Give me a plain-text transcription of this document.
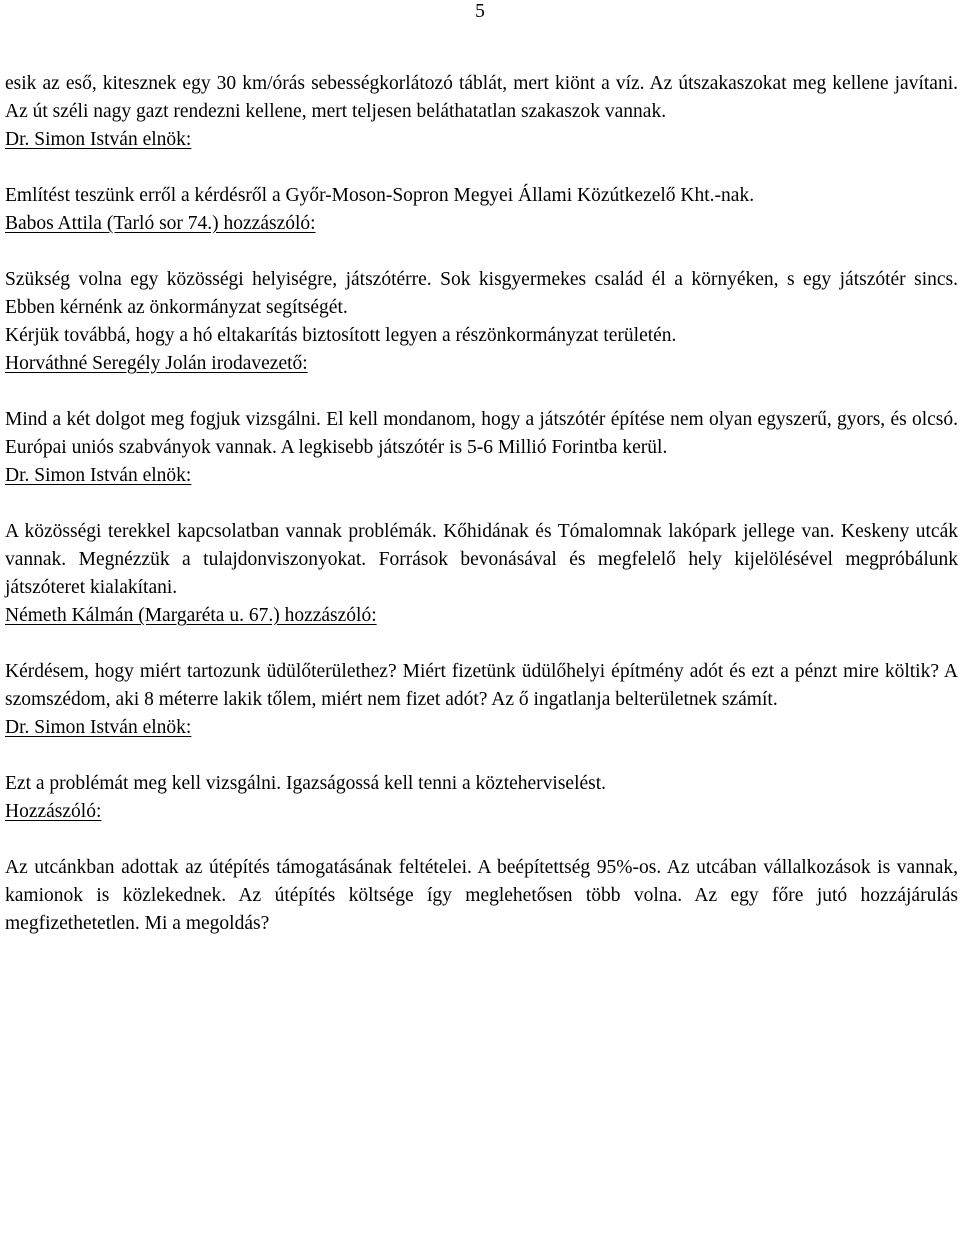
5

esik az eső, kitesznek egy 30 km/órás sebességkorlátozó táblát, mert kiönt a víz. Az útszakaszokat meg kellene javítani. Az út széli nagy gazt rendezni kellene, mert teljesen beláthatatlan szakaszok vannak.

Dr. Simon István elnök:

Említést teszünk erről a kérdésről a Győr-Moson-Sopron Megyei Állami Közútkezelő Kht.-nak.

Babos Attila (Tarló sor 74.) hozzászóló:

Szükség volna egy közösségi helyiségre, játszótérre. Sok kisgyermekes család él a környéken, s egy játszótér sincs. Ebben kérnénk az önkormányzat segítségét.

Kérjük továbbá, hogy a hó eltakarítás biztosított legyen a részönkormányzat területén.

Horváthné Seregély Jolán irodavezető:

Mind a két dolgot meg fogjuk vizsgálni. El kell mondanom, hogy a játszótér építése nem olyan egyszerű, gyors, és olcsó. Európai uniós szabványok vannak. A legkisebb játszótér is 5-6 Millió Forintba kerül.

Dr. Simon István elnök:

A közösségi terekkel kapcsolatban vannak problémák. Kőhidának és Tómalomnak lakópark jellege van. Keskeny utcák vannak. Megnézzük a tulajdonviszonyokat. Források bevonásával és megfelelő hely kijelölésével megpróbálunk játszóteret kialakítani.

Németh Kálmán (Margaréta u. 67.) hozzászóló:

Kérdésem, hogy miért tartozunk üdülőterülethez? Miért fizetünk üdülőhelyi építmény adót és ezt a pénzt mire költik? A szomszédom, aki 8 méterre lakik tőlem, miért nem fizet adót? Az ő ingatlanja belterületnek számít.

Dr. Simon István elnök:

Ezt a problémát meg kell vizsgálni. Igazságossá kell tenni a közteherviselést.

Hozzászóló:

Az utcánkban adottak az útépítés támogatásának feltételei. A beépítettség 95%-os. Az utcában vállalkozások is vannak, kamionok is közlekednek. Az útépítés költsége így meglehetősen több volna. Az egy főre jutó hozzájárulás megfizethetetlen. Mi a megoldás?
